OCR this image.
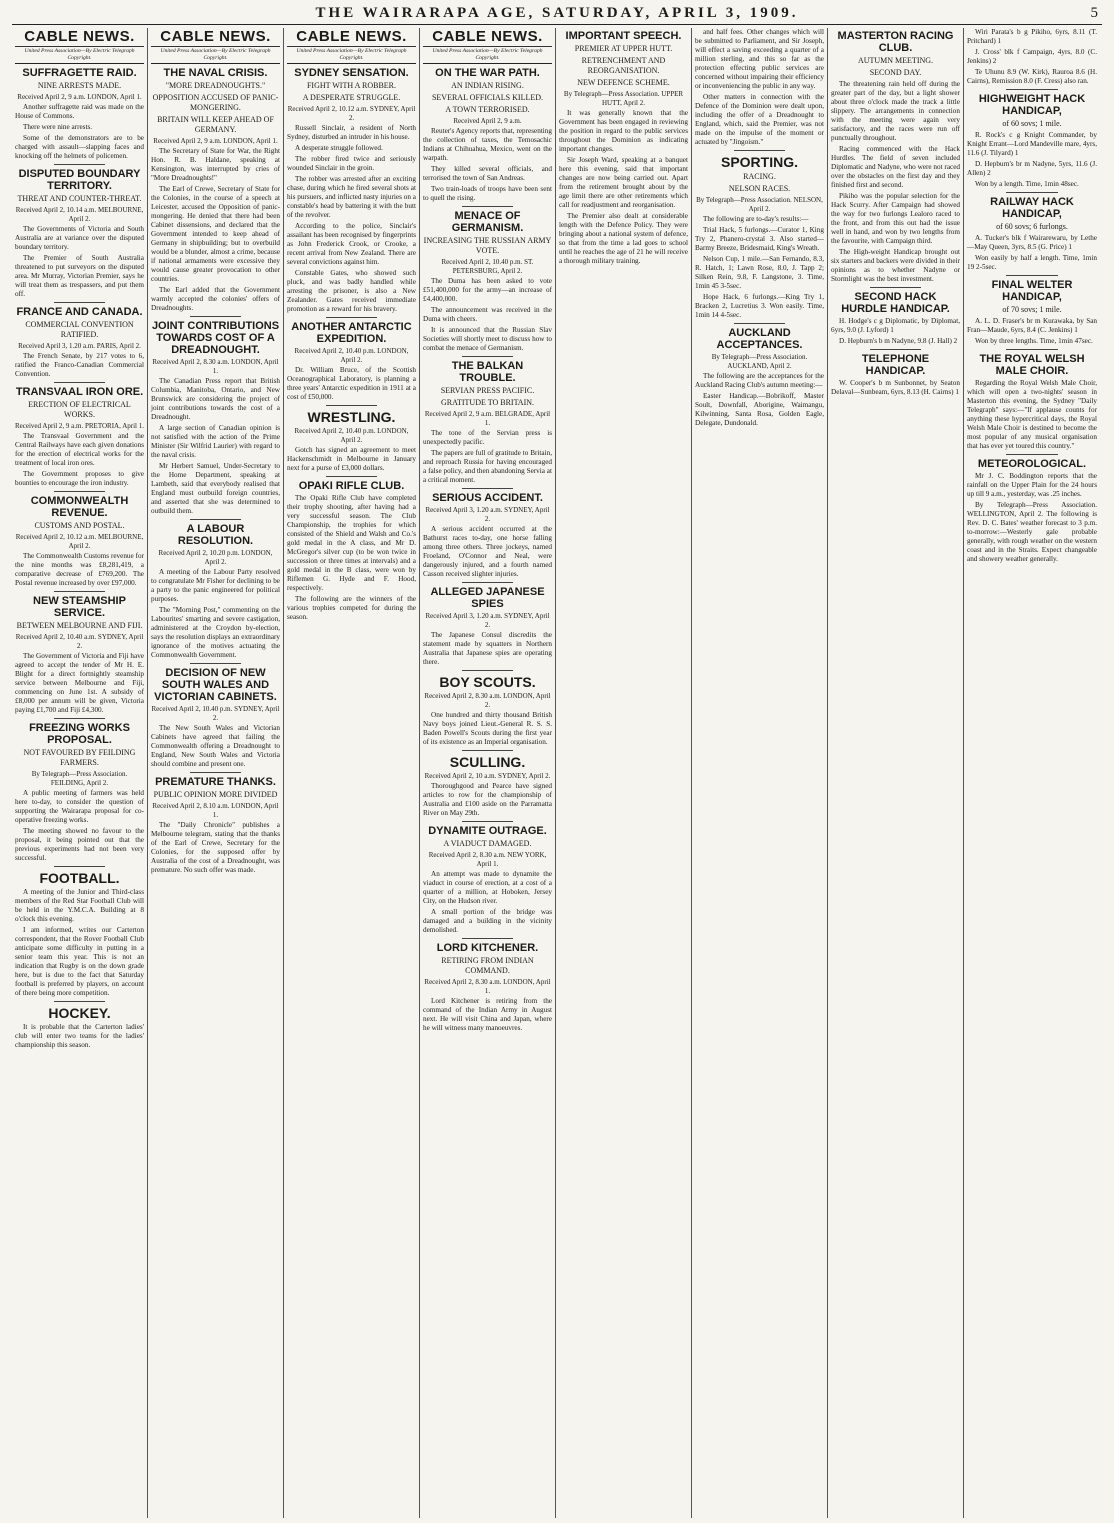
THE WAIRARAPA AGE, SATURDAY, APRIL 3, 1909.	5
CABLE NEWS.
United Press Association—By Electric Telegraph Copyright.
SUFFRAGETTE RAID.
NINE ARRESTS MADE.
Received April 2, 9 a.m. LONDON, April 1.

Another suffragette raid was made on the House of Commons.

There were nine arrests.

Some of the demonstrators are to be charged with assault—slapping faces and knocking off the helmets of policemen.

DISPUTED BOUNDARY TERRITORY.
THREAT AND COUNTER-THREAT.
Received April 2, 10.14 a.m. MELBOURNE, April 2.

The Governments of Victoria and South Australia are at variance over the disputed boundary territory.

The Premier of South Australia threatened to put surveyors on the disputed area. Mr Murray, Victorian Premier, says he will treat them as trespassers, and put them off.

FRANCE AND CANADA.
COMMERCIAL CONVENTION RATIFIED.
Received April 3, 1.20 a.m. PARIS, April 2.

The French Senate, by 217 votes to 6, ratified the Franco-Canadian Commercial Convention.

TRANSVAAL IRON ORE.
ERECTION OF ELECTRICAL WORKS.
Received April 2, 9 a.m. PRETORIA, April 1.

The Transvaal Government and the Central Railways have each given donations for the erection of electrical works for the treatment of local iron ores.

The Government proposes to give bounties to encourage the iron industry.

COMMONWEALTH REVENUE.
CUSTOMS AND POSTAL.
Received April 2, 10.12 a.m. MELBOURNE, April 2.

The Commonwealth Customs revenue for the nine months was £8,281,419, a comparative decrease of £769,200. The Postal revenue increased by over £97,000.

NEW STEAMSHIP SERVICE.
BETWEEN MELBOURNE AND FIJI.
Received April 2, 10.40 a.m. SYDNEY, April 2.

The Government of Victoria and Fiji have agreed to accept the tender of Mr H. E. Blight for a direct fortnightly steamship service between Melbourne and Fiji, commencing on June 1st. A subsidy of £8,000 per annum will be given, Victoria paying £1,700 and Fiji £4,300.

FREEZING WORKS PROPOSAL.
NOT FAVOURED BY FEILDING FARMERS.
By Telegraph—Press Association. FEILDING, April 2.

A public meeting of farmers was held here to-day, to consider the question of supporting the Wairarapa proposal for co-operative freezing works.

The meeting showed no favour to the proposal, it being pointed out that the previous experiments had not been very successful.

FOOTBALL.

A meeting of the Junior and Third-class members of the Red Star Football Club will be held in the Y.M.C.A. Building at 8 o'clock this evening.

I am informed, writes our Carterton correspondent, that the Rover Football Club anticipate some difficulty in putting in a senior team this year. This is not an indication that Rugby is on the down grade here, but is due to the fact that Saturday football is preferred by players, on account of there being more competition.

HOCKEY.

It is probable that the Carterton ladies' club will enter two teams for the ladies' championship this season.

CABLE NEWS.
United Press Association—By Electric Telegraph Copyright.
THE NAVAL CRISIS.
"MORE DREADNOUGHTS."
OPPOSITION ACCUSED OF PANIC-MONGERING.
BRITAIN WILL KEEP AHEAD OF GERMANY.
Received April 2, 9 a.m. LONDON, April 1.

The Secretary of State for War, the Right Hon. R. B. Haldane, speaking at Kensington, was interrupted by cries of "More Dreadnoughts!"

The Earl of Crewe, Secretary of State for the Colonies, in the course of a speech at Leicester, accused the Opposition of panic-mongering. He denied that there had been Cabinet dissensions, and declared that the Government intended to keep ahead of Germany in shipbuilding; but to overbuild would be a blunder, almost a crime, because if national armaments were excessive they would cause greater provocation to other countries.

The Earl added that the Government warmly accepted the colonies' offers of Dreadnoughts.

JOINT CONTRIBUTIONS TOWARDS COST OF A DREADNOUGHT.
Received April 2, 8.30 a.m. LONDON, April 1.

The Canadian Press report that British Columbia, Manitoba, Ontario, and New Brunswick are considering the project of joint contributions towards the cost of a Dreadnought.

A large section of Canadian opinion is not satisfied with the action of the Prime Minister (Sir Wilfrid Laurier) with regard to the naval crisis.

Mr Herbert Samuel, Under-Secretary to the Home Department, speaking at Lambeth, said that everybody realised that England must outbuild foreign countries, and asserted that she was determined to outbuild them.

A LABOUR RESOLUTION.
Received April 2, 10.20 p.m. LONDON, April 2.

A meeting of the Labour Party resolved to congratulate Mr Fisher for declining to be a party to the panic engineered for political purposes.

The "Morning Post," commenting on the Labourites' smarting and severe castigation, administered at the Croydon by-election, says the resolution displays an extraordinary ignorance of the motives actuating the Commonwealth Government.

DECISION OF NEW SOUTH WALES AND VICTORIAN CABINETS.
Received April 2, 10.40 p.m. SYDNEY, April 2.

The New South Wales and Victorian Cabinets have agreed that failing the Commonwealth offering a Dreadnought to England, New South Wales and Victoria should combine and present one.

PREMATURE THANKS.
PUBLIC OPINION MORE DIVIDED
Received April 2, 8.10 a.m. LONDON, April 1.

The "Daily Chronicle" publishes a Melbourne telegram, stating that the thanks of the Earl of Crewe, Secretary for the Colonies, for the supposed offer by Australia of the cost of a Dreadnought, was premature. No such offer was made.

CABLE NEWS.
United Press Association—By Electric Telegraph Copyright.
SYDNEY SENSATION.
FIGHT WITH A ROBBER.
A DESPERATE STRUGGLE.
Received April 2, 10.12 a.m. SYDNEY, April 2.

Russell Sinclair, a resident of North Sydney, disturbed an intruder in his house.

A desperate struggle followed.

The robber fired twice and seriously wounded Sinclair in the groin.

The robber was arrested after an exciting chase, during which he fired several shots at his pursuers, and inflicted nasty injuries on a constable's head by battering it with the butt of the revolver.

According to the police, Sinclair's assailant has been recognised by fingerprints as John Frederick Crook, or Crooke, a recent arrival from New Zealand. There are several convictions against him.

Constable Gates, who showed such pluck, and was badly handled while arresting the prisoner, is also a New Zealander. Gates received immediate promotion as a reward for his bravery.

ANOTHER ANTARCTIC EXPEDITION.
Received April 2, 10.40 p.m. LONDON, April 2.

Dr. William Bruce, of the Scottish Oceanographical Laboratory, is planning a three years' Antarctic expedition in 1911 at a cost of £50,000.

WRESTLING.
Received April 2, 10.40 p.m. LONDON, April 2.

Gotch has signed an agreement to meet Hackenschmidt in Melbourne in January next for a purse of £3,000 dollars.

OPAKI RIFLE CLUB.

The Opaki Rifle Club have completed their trophy shooting, after having had a very successful season. The Club Championship, the trophies for which consisted of the Shield and Walsh and Co.'s gold medal in the A class, and Mr D. McGregor's silver cup (to be won twice in succession or three times at intervals) and a gold medal in the B class, were won by Riflemen G. Hyde and F. Hood, respectively.

The following are the winners of the various trophies competed for during the season.

CABLE NEWS.
United Press Association—By Electric Telegraph Copyright.
ON THE WAR PATH.
AN INDIAN RISING.
SEVERAL OFFICIALS KILLED.
A TOWN TERRORISED.
Received April 2, 9 a.m.

Reuter's Agency reports that, representing the collection of taxes, the Temosachic Indians at Chihuahua, Mexico, went on the warpath.

They killed several officials, and terrorised the town of San Andreas.

Two train-loads of troops have been sent to quell the rising.

MENACE OF GERMANISM.
INCREASING THE RUSSIAN ARMY VOTE.
Received April 2, 10.40 p.m. ST. PETERSBURG, April 2.

The Duma has been asked to vote £51,400,000 for the army—an increase of £4,400,000.

The announcement was received in the Duma with cheers.

It is announced that the Russian Slav Societies will shortly meet to discuss how to combat the menace of Germanism.

THE BALKAN TROUBLE.
SERVIAN PRESS PACIFIC.
GRATITUDE TO BRITAIN.
Received April 2, 9 a.m. BELGRADE, April 1.

The tone of the Servian press is unexpectedly pacific.

The papers are full of gratitude to Britain, and reproach Russia for having encouraged a false policy, and then abandoning Servia at a critical moment.

SERIOUS ACCIDENT.
Received April 3, 1.20 a.m. SYDNEY, April 2.

A serious accident occurred at the Bathurst races to-day, one horse falling among three others. Three jockeys, named Froeland, O'Connor and Neal, were dangerously injured, and a fourth named Casson received slighter injuries.

ALLEGED JAPANESE SPIES
Received April 3, 1.20 a.m. SYDNEY, April 2.

The Japanese Consul discredits the statement made by squatters in Northern Australia that Japanese spies are operating there.

BOY SCOUTS.
Received April 2, 8.30 a.m. LONDON, April 2.

One hundred and thirty thousand British Navy boys joined Lieut.-General R. S. S. Baden Powell's Scouts during the first year of its existence as an Imperial organisation.

SCULLING.
Received April 2, 10 a.m. SYDNEY, April 2.

Thoroughgood and Pearce have signed articles to row for the championship of Australia and £100 aside on the Parramatta River on May 29th.

DYNAMITE OUTRAGE.
A VIADUCT DAMAGED.
Received April 2, 8.30 a.m. NEW YORK, April 1.

An attempt was made to dynamite the viaduct in course of erection, at a cost of a quarter of a million, at Hoboken, Jersey City, on the Hudson river.

A small portion of the bridge was damaged and a building in the vicinity demolished.

LORD KITCHENER.
RETIRING FROM INDIAN COMMAND.
Received April 2, 8.30 a.m. LONDON, April 1.

Lord Kitchener is retiring from the command of the Indian Army in August next. He will visit China and Japan, where he will witness many manoeuvres.

IMPORTANT SPEECH.
PREMIER AT UPPER HUTT.
RETRENCHMENT AND REORGANISATION.
NEW DEFENCE SCHEME.
By Telegraph—Press Association. UPPER HUTT, April 2.

It was generally known that the Government has been engaged in reviewing the position in regard to the public services throughout the Dominion as indicating important changes.

Sir Joseph Ward, speaking at a banquet here this evening, said that important changes are now being carried out. Apart from the retirement brought about by the age limit there are other retirements which call for readjustment and reorganisation.

The Premier also dealt at considerable length with the Defence Policy. They were bringing about a national system of defence, so that from the time a lad goes to school until he reaches the age of 21 he will receive a thorough military training.

and half fees. Other changes which will be submitted to Parliament, and Sir Joseph, will effect a saving exceeding a quarter of a million sterling, and this so far as the protection effecting public services are concerned without impairing their efficiency or inconveniencing the public in any way.

Other matters in connection with the Defence of the Dominion were dealt upon, including the offer of a Dreadnought to England, which, said the Premier, was not made on the impulse of the moment or actuated by "Jingoism."

SPORTING.
RACING.
NELSON RACES.
By Telegraph—Press Association. NELSON, April 2.

The following are to-day's results:—

Trial Hack, 5 furlongs.—Curator 1, King Try 2, Phanero-crystal 3. Also started—Barmy Breeze, Bridesmaid, King's Wreath.

Nelson Cup, 1 mile.—San Fernando, 8.3, R. Hatch, 1; Lawn Rose, 8.0, J. Tapp 2; Silken Rein, 9.8, F. Langstone, 3. Time, 1min 45 3-5sec.

Hope Hack, 6 furlongs.—King Try 1, Bracken 2, Lucretius 3. Won easily. Time, 1min 14 4-5sec.

AUCKLAND ACCEPTANCES.
By Telegraph—Press Association. AUCKLAND, April 2.

The following are the acceptances for the Auckland Racing Club's autumn meeting:—

Easter Handicap.—Bobrikoff, Master Soult, Downfall, Aborigine, Waimangu, Kilwinning, Santa Rosa, Golden Eagle, Delegate, Dundonald.

MASTERTON RACING CLUB.
AUTUMN MEETING.
SECOND DAY.

The threatening rain held off during the greater part of the day, but a light shower about three o'clock made the track a little slippery. The arrangements in connection with the meeting were again very satisfactory, and the races were run off punctually throughout.

Racing commenced with the Hack Hurdles. The field of seven included Diplomatic and Nadyne, who were not raced over the obstacles on the first day and they finished first and second.

Pikiho was the popular selection for the Hack Scurry. After Campaign had showed the way for two furlongs Lealoro raced to the front, and from this out had the issue well in hand, and won by two lengths from the favourite, with Campaign third.

The High-weight Handicap brought out six starters and backers were divided in their opinions as to whether Nadyne or Stormlight was the best investment.

SECOND HACK HURDLE HANDICAP.

H. Hodge's c g Diplomatic, by Diplomat, 6yrs, 9.0 (J. Lyford) 1

D. Hepburn's b m Nadyne, 9.8 (J. Hall) 2

TELEPHONE HANDICAP.

W. Cooper's b m Sunbonnet, by Seaton Delaval—Sunbeam, 6yrs, 8.13 (H. Cairns) 1

Wiri Parata's b g Pikiho, 6yrs, 8.11 (T. Pritchard) 1

J. Cross' blk f Campaign, 4yrs, 8.0 (C. Jenkins) 2

Te Uhunu 8.9 (W. Kirk), Rauroa 8.6 (H. Cairns), Remission 8.0 (F. Cress) also ran.

HIGHWEIGHT HACK HANDICAP,
of 60 sovs; 1 mile.

R. Rock's c g Knight Commander, by Knight Errant—Lord Mandeville mare, 4yrs, 11.6 (J. Tilyard) 1

D. Hepburn's br m Nadyne, 5yrs, 11.6 (J. Allen) 2

Won by a length. Time, 1min 48sec.

RAILWAY HACK HANDICAP,
of 60 sovs; 6 furlongs.

A. Tucker's blk f Wairarewaru, by Lethe—May Queen, 3yrs, 8.5 (G. Price) 1

Won easily by half a length. Time, 1min 19 2-5sec.

FINAL WELTER HANDICAP,
of 70 sovs; 1 mile.

A. L. D. Fraser's br m Kurawaka, by San Fran—Maude, 6yrs, 8.4 (C. Jenkins) 1

Won by three lengths. Time, 1min 47sec.

THE ROYAL WELSH MALE CHOIR.

Regarding the Royal Welsh Male Choir, which will open a two-nights' season in Masterton this evening, the Sydney "Daily Telegraph" says:—"If applause counts for anything these hypercritical days, the Royal Welsh Male Choir is destined to become the most popular of any musical organisation that has ever yet toured this country."

METEOROLOGICAL.

Mr J. C. Boddington reports that the rainfall on the Upper Plain for the 24 hours up till 9 a.m., yesterday, was .25 inches.

By Telegraph—Press Association. WELLINGTON, April 2. The following is Rev. D. C. Bates' weather forecast to 3 p.m. to-morrow:—Westerly gale probable generally, with rough weather on the western coast and in the Straits. Expect changeable and showery weather generally.
